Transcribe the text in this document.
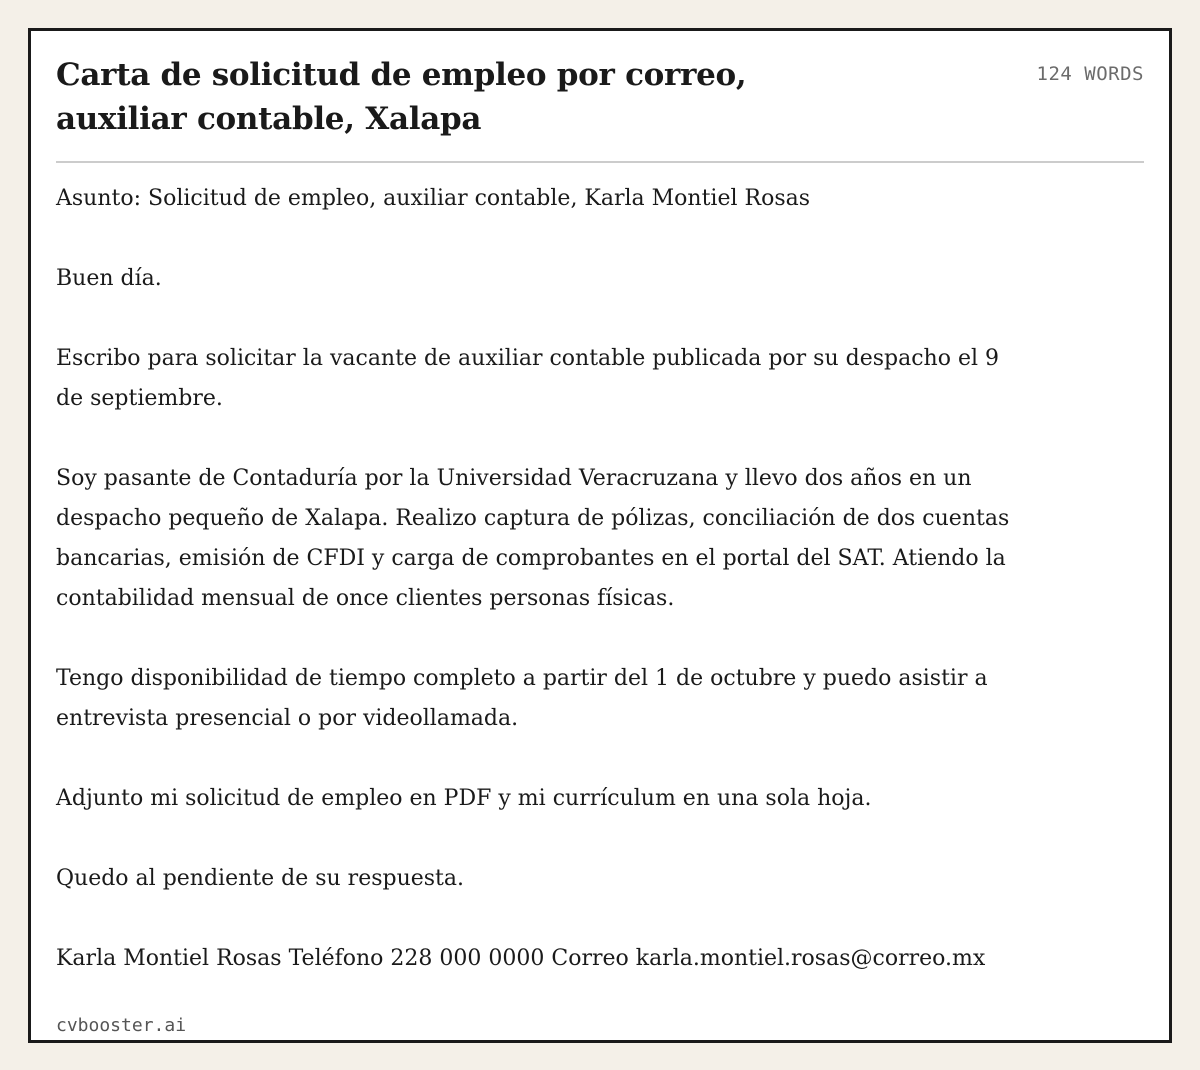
Carta de solicitud de empleo por correo, auxiliar contable, Xalapa
124 WORDS

Asunto: Solicitud de empleo, auxiliar contable, Karla Montiel Rosas

Buen día.

Escribo para solicitar la vacante de auxiliar contable publicada por su despacho el 9 de septiembre.

Soy pasante de Contaduría por la Universidad Veracruzana y llevo dos años en un despacho pequeño de Xalapa. Realizo captura de pólizas, conciliación de dos cuentas bancarias, emisión de CFDI y carga de comprobantes en el portal del SAT. Atiendo la contabilidad mensual de once clientes personas físicas.

Tengo disponibilidad de tiempo completo a partir del 1 de octubre y puedo asistir a entrevista presencial o por videollamada.

Adjunto mi solicitud de empleo en PDF y mi currículum en una sola hoja.

Quedo al pendiente de su respuesta.

Karla Montiel Rosas Teléfono 228 000 0000 Correo karla.montiel.rosas@correo.mx

cvbooster.ai
